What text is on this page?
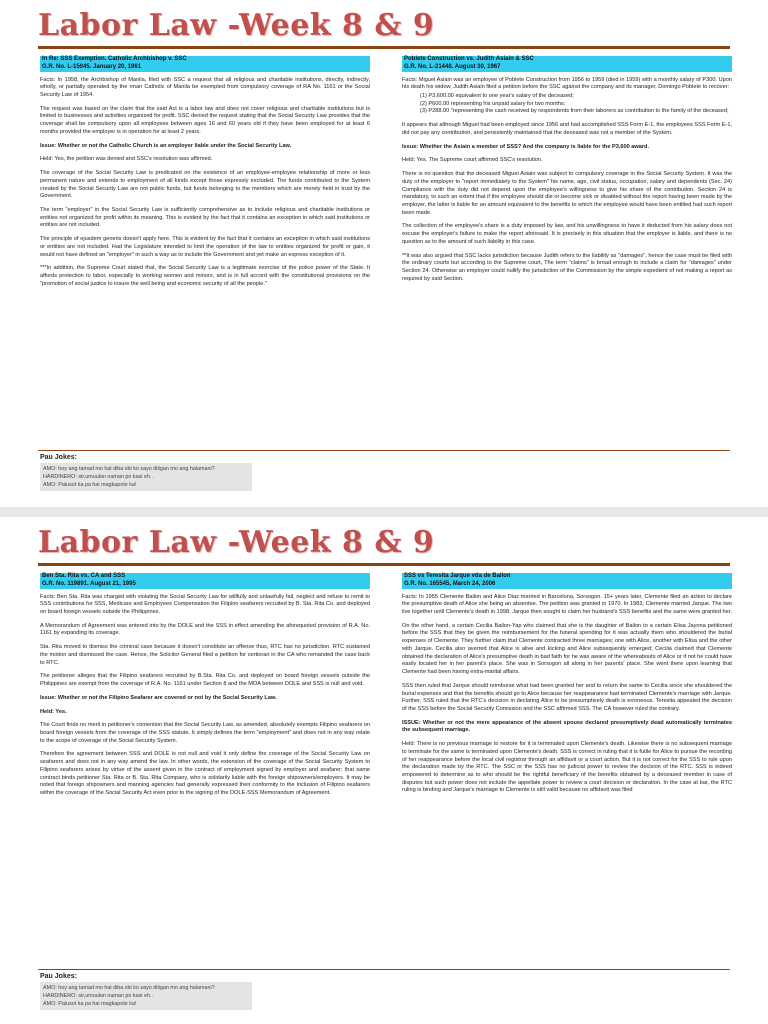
Labor Law -Week 8 & 9
In Re: SSS Exemption. Catholic Archbishop v. SSC
G.R. No. L-15045. January 20, 1961

Facts: In 1958, the Archbishop of Manila, filed with SSC a request that all religious and charitable institutions, directly, indirectly, wholly, or partially operated by the rman Catholic of Manila be exempted from compulsory coverage of RA No. 1161 or the Social Security Law of 1954.

The request was based on the claim that the said Act is a labor law and does not cover religious and charitable institutions but is limited to businesses and activities organized for profit. SSC denied the request stating that the Social Security Law provides that the coverage shall be compulsory upon all employees between ages 16 and 60 years old if they have been employed for at least 6 months provided the employer is in operation for at least 2 years.

Issue: Whether or not the Catholic Church is an employer liable under the Social Security Law.

Held: Yes, the petition was denied and SSC's resolution was affirmed.

The coverage of the Social Security Law is predicated on the existence of an employee-employee relationship of more or less permanent nature and extends to employment of all kinds except those expressly excluded. The funds contributed to the System created by the Social Security Law are not public funds, but funds belonging to the members which are merely held in trust by the Government.

The term "employer" in the Social Security Law is sufficiently comprehensive as to include religious and charitable institutions or entities not organized for profit within its meaning. This is evident by the fact that it contains an exception in which said institutions or entities are not included.

The principle of ejusdem generis doesn't apply here. This is evident by the fact that it contains an exception in which said institutions or entities are not included. Had the Legislature intended to limit the operation of the law to entities organized for profit or gain, it would not have defined an "employer" in such a way as to include the Government and yet make an express exception of it.

***In addition, the Supreme Court stated that, the Social Security Law is a legitimate exercise of the police power of the State. It affords protection to labor, especially to working women and minors, and is in full accord with the constitutional provisions on the "promotion of social justice to insure the well being and economic security of all the people."

Poblete Construction vs. Judith Asiain & SSC
G.R. No. L-21448. August 30, 1967

Facts: Miguel Asiain was an employee of Poblete Construction from 1956 to 1959 (died in 1959) with a monthly salary of P300. Upon his death his widow, Judith Asiain filed a petition before the SSC against the company and its manager, Domingo Poblete to recover:

(1) P3,600.00 equivalent to one year's salary of the deceased;

(2) P600.00 representing his unpaid salary for two months;

(3) P288.00 "representing the cash received by respondents from their laborers as contribution to the family of the deceased;

It appears that although Miguel had been employed since 1956 and had accomplished SSS Form E-1, the employees SSS Form E-1, did not pay any contribution, and persistently maintained that the deceased was not a member of the System.

Issue: Whether the Asiain a member of SSS? And the company is liable for the P3,600 award.

Held: Yes. The Supreme court affirmed SSC's resolution.

There is no question that the deceased Miguel Asiain was subject to compulsory coverage in the Social Security System. It was the duty of the employer to "report immediately to the System" his name, age, civil status, occupation, salary and dependents (Sec. 24) Compliance with the duty did not depend upon the employee's willingness to give his share of the contribution. Section 24 is mandatory, to such an extent that if the employee should die or become sick or disabled without the report having been made by the employer, the latter is liable for an amount equivalent to the benefits to which the employee would have been entitled had such report been made.

The collection of the employee's share is a duty imposed by law, and his unwillingness to have it deducted from his salary does not excuse the employer's failure to make the report aforesaid. It is precisely in this situation that the employer is liable, and there is no question as to the amount of such liability in this case.

**It was also argued that SSC lacks jurisdiction because Judith refers to the liability as "damages", hence the case must be filed with the ordinary courts but according to the Supreme court, The term "claims" is broad enough to include a claim for "damages" under Section 24. Otherwise an employer could nullify the jurisdiction of the Commission by the simple expedient of not making a report as required by said Section.

Pau Jokes:
AMO: hoy ang tamad mo hai diba sbi ko sayo diligan mo ang halamani?
HARDINERO: sir,umuulan naman po kasi eh..
AMO: Palusot ka pa hai magkapote ka!
Labor Law -Week 8 & 9
Ben Sta. Rita vs. CA and SSS
G.R. No. 119891. August 21, 1995

Facts: Ben Sta. Rita was charged with violating the Social Security Law for willfully and unlawfully fail, neglect and refuse to remit to SSS contributions for SSS, Medicare and Employees Compensation the Filipino seafarers recruited by B. Sta. Rita Co. and deployed on board foreign vessels outside the Philippines.

A Memorandum of Agreement was entered into by the DOLE and the SSS in effect amending the aforequoted provision of R.A. No. 1161 by expanding its coverage.

Sta. Rita moved to dismiss the criminal case because it doesn't constitute an offense thus, RTC has no jurisdiction. RTC sustained the motion and dismissed the case. Hence, the Solicitor General filed a petition for certiorari in the CA who remanded the case back to RTC.

The petitioner alleges that the Filipino seafarers recruited by B.Sta. Rita Co. and deployed on board foreign vessels outside the Philippines are exempt from the coverage of R.A. No. 1161 under Section 8 and the MOA between DOLE and SSS is null and void.

Issue: Whether or not the Filipino Seafarer are covered or not by the Social Security Law.

Held: Yes.

The Court finds no merit in petitioner's contention that the Social Security Law, as amended, absolutely exempts Filipino seafarers on board foreign vessels from the coverage of the SSS statute. It simply defines the term "employment" and does not in any way relate to the scope of coverage of the Social Security System.

Therefore the agreement between SSS and DOLE is not null and void it only define the coverage of the Social Security Law on seafarers and does not in any way amend the law. In other words, the extension of the coverage of the Social Security System to Filipino seafarers arises by virtue of the assent given in the contract of employment signed by employer and seafarer; that same contract binds petitioner Sta. Rita or B. Sta. Rita Company, who is solidarily liable with the foreign shipowners/employers. It may be noted that foreign shipowners and manning agencies had generally expressed their conformity to the inclusion of Filipino seafarers within the coverage of the Social Security Act even prior to the signing of the DOLE-SSS Memorandum of Agreement.

SSS vs Teresita Jarque vda de Bailon
G.R. No. 165545, March 24, 2006

Facts: In 1955 Clemente Bailon and Alice Diaz married in Barcelona, Sorsogon. 15+ years later, Clemente filed an action to declare the presumptive death of Alice she being an absentee. The petition was granted in 1970. In 1983, Clemente married Jarque. The two live together until Clemente's death in 1998. Jarque then sought to claim her husband's SSS benefits and the same were granted her.

On the other hand, a certain Cecilia Bailon-Yap who claimed that she is the daughter of Bailon to a certain Elisa Jayona petitioned before the SSS that they be given the reimbursement for the funeral spending for it was actually them who shouldered the burial expenses of Clemente. They further claim that Clemente contracted three marriages; one with Alice, another with Elisa and the other with Jarque. Cecilia also averred that Alice is alive and kicking and Alice subsequently emerged; Cecilia claimed that Clemente obtained the declaration of Alice's presumptive death in bad faith for he was aware of the whereabouts of Alice or if not he could have easily located her in her parent's place. She was in Sorsogon all along in her parents' place. She went there upon learning that Clemente had been having extra-marital affairs.

SSS then ruled that Jarque should reimburse what had been granted her and to return the same to Cecilia since she shouldered the burial expenses and that the benefits should go to Alice because her reappearance had terminated Clemente's marriage with Jarque. Further, SSS ruled that the RTC's decision in declaring Alice to be presumptively death is erroneous. Teresita appealed the decision of the SSS before the Social Security Comission and the SSC affirmed SSS. The CA however ruled the contrary.

ISSUE: Whether or not the mere appearance of the absent spouse declared presumptively dead automatically terminates the subsequent marriage.

Held: There is no previous marriage to restore for it is terminated upon Clemente's death. Likewise there is no subsequent marriage to terminate for the same is terminated upon Clemente's death. SSS is correct in ruling that it is futile for Alice to pursue the recording of her reappearance before the local civil registrar through an affidavit or a court action. But it is not correct for the SSS to rule upon the declaration made by the RTC. The SSC or the SSS has no judicial power to review the decision of the RTC. SSS is indeed empowered to determine as to who should be the rightful beneficiary of the benefits obtained by a deceased member in case of disputes but such power does not include the appellate power to review a court decision or declaration. In the case at bar, the RTC ruling is binding and Jarque's marriage to Clemente is still valid because no affidavit was filed

Pau Jokes:
AMO: hoy ang tamad mo hai diba sbi ko sayo diligan mo ang halamani?
HARDINERO: sir,umuulan naman po kasi eh..
AMO: Palusot ka pa hai magkapote ka!
